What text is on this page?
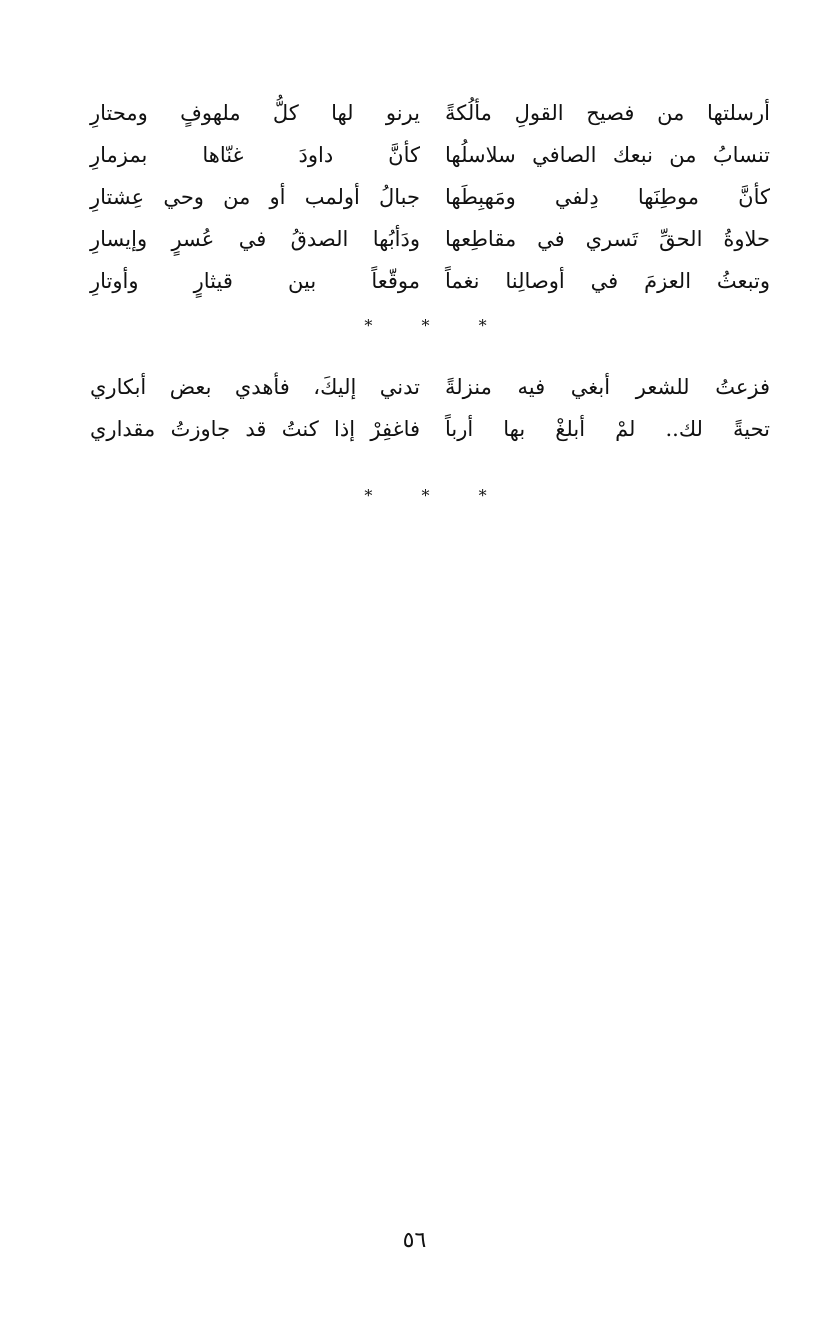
أرسلتها من فصيح القولِ مألُكةً
يرنو لها كلُّ ملهوفٍ ومحتارِ
تنسابُ من نبعك الصافي سلاسلُها
كأنَّ داودَ غنّاها بمزمارِ
كأنَّ موطِنَها دِلفي ومَهبِطَها
جبالُ أولمب أو من وحي عِشتارِ
حلاوةُ الحقِّ تَسري في مقاطِعها
ودَأبُها الصدقُ في عُسرٍ وإيسارِ
وتبعثُ العزمَ في أوصالِنا نغماً
موقّعاً بين قيثارٍ وأوتارِ
* * *
فزعتُ للشعر أبغي فيه منزلةً
تدني إليكَ، فأهدي بعض أبكاري
تحيةً لك.. لمْ أبلغْ بها أرباً
فاغفِرْ إذا كنتُ قد جاوزتُ مقداري
* * *
٥٦
